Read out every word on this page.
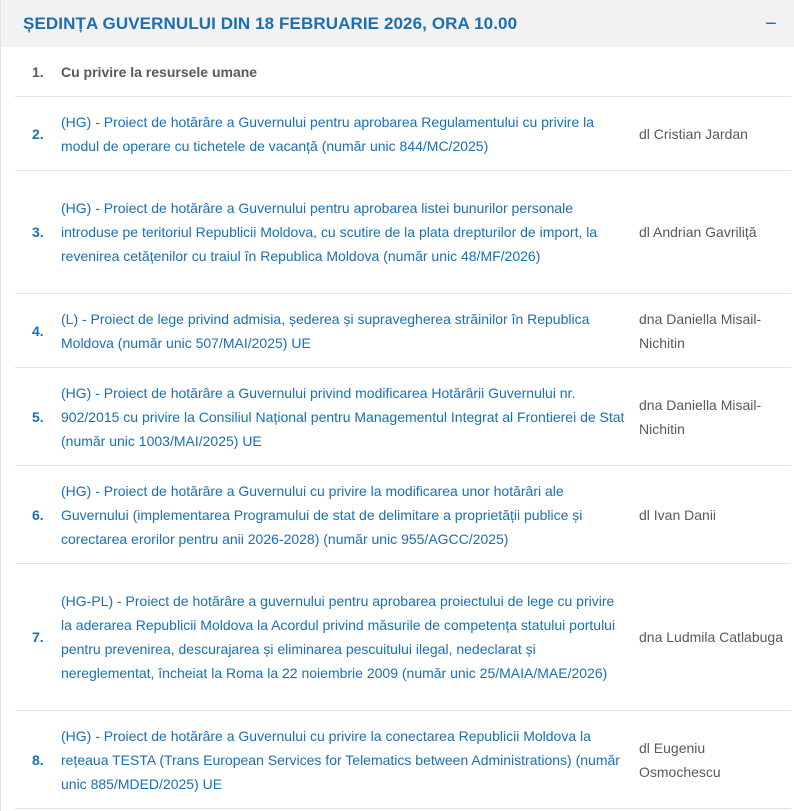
ȘEDINȚA GUVERNULUI DIN 18 FEBRUARIE 2026, ORA 10.00	−
1.	Cu privire la resursele umane
2.
(HG) - Proiect de hotărâre a Guvernului pentru aprobarea Regulamentului cu privire la modul de operare cu tichetele de vacanță (număr unic 844/MC/2025)
dl Cristian Jardan
3.
(HG) - Proiect de hotărâre a Guvernului pentru aprobarea listei bunurilor personale introduse pe teritoriul Republicii Moldova, cu scutire de la plata drepturilor de import, la revenirea cetățenilor cu traiul în Republica Moldova (număr unic 48/MF/2026)
dl Andrian Gavriliță
4.
(L) - Proiect de lege privind admisia, șederea și supravegherea străinilor în Republica Moldova (număr unic 507/MAI/2025) UE
dna Daniella Misail-Nichitin
5.
(HG) - Proiect de hotărâre a Guvernului privind modificarea Hotărârii Guvernului nr. 902/2015 cu privire la Consiliul Național pentru Managementul Integrat al Frontierei de Stat (număr unic 1003/MAI/2025) UE
dna Daniella Misail-Nichitin
6.
(HG) - Proiect de hotărâre a Guvernului cu privire la modificarea unor hotărâri ale Guvernului (implementarea Programului de stat de delimitare a proprietății publice și corectarea erorilor pentru anii 2026-2028) (număr unic 955/AGCC/2025)
dl Ivan Danii
7.
(HG-PL) - Proiect de hotărâre a guvernului pentru aprobarea proiectului de lege cu privire la aderarea Republicii Moldova la Acordul privind măsurile de competența statului portului pentru prevenirea, descurajarea și eliminarea pescuitului ilegal, nedeclarat și nereglementat, încheiat la Roma la 22 noiembrie 2009 (număr unic 25/MAIA/MAE/2026)
dna Ludmila Catlabuga
8.
(HG) - Proiect de hotărâre a Guvernului cu privire la conectarea Republicii Moldova la rețeaua TESTA (Trans European Services for Telematics between Administrations) (număr unic 885/MDED/2025) UE
dl Eugeniu Osmochescu
